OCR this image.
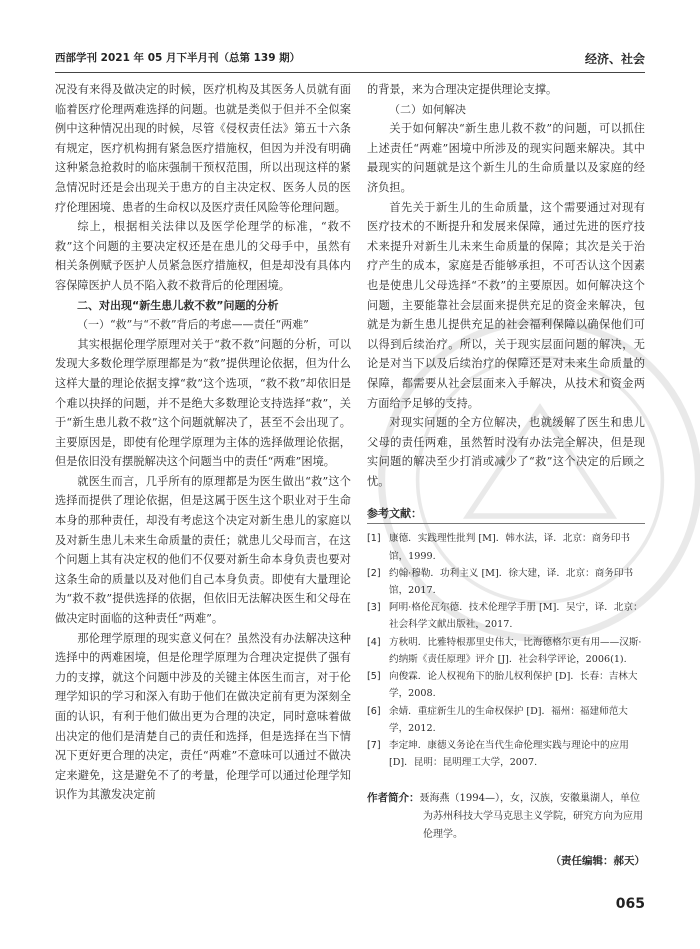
西部学刊 2021 年 05 月下半月刊（总第 139 期）	经济、社会

况没有来得及做决定的时候，医疗机构及其医务人员就有面临着医疗伦理两难选择的问题。也就是类似于但并不全似案例中这种情况出现的时候，尽管《侵权责任法》第五十六条有规定，医疗机构拥有紧急医疗措施权，但因为并没有明确这种紧急抢救时的临床强制干预权范围，所以出现这样的紧急情况时还是会出现关于患方的自主决定权、医务人员的医疗伦理困境、患者的生命权以及医疗责任风险等伦理问题。

综上，根据相关法律以及医学伦理学的标准，“救不救”这个问题的主要决定权还是在患儿的父母手中，虽然有相关条例赋予医护人员紧急医疗措施权，但是却没有具体内容保障医护人员不陷入救不救背后的伦理困境。

二、对出现“新生患儿救不救”问题的分析
（一）“救”与“不救”背后的考虑——责任“两难”

其实根据伦理学原理对关于“救不救”问题的分析，可以发现大多数伦理学原理都是为“救”提供理论依据，但为什么这样大量的理论依据支撑“救”这个选项，“救不救”却依旧是个难以抉择的问题，并不是绝大多数理论支持选择“救”，关于“新生患儿救不救”这个问题就解决了，甚至不会出现了。主要原因是，即使有伦理学原理为主体的选择做理论依据，但是依旧没有摆脱解决这个问题当中的责任“两难”困境。

就医生而言，几乎所有的原理都是为医生做出“救”这个选择而提供了理论依据，但是这属于医生这个职业对于生命本身的那种责任，却没有考虑这个决定对新生患儿的家庭以及对新生患儿未来生命质量的责任；就患儿父母而言，在这个问题上其有决定权的他们不仅要对新生命本身负责也要对这条生命的质量以及对他们自己本身负责。即使有大量理论为“救不救”提供选择的依据，但依旧无法解决医生和父母在做决定时面临的这种责任“两难”。

那伦理学原理的现实意义何在？虽然没有办法解决这种选择中的两难困境，但是伦理学原理为合理决定提供了强有力的支撑，就这个问题中涉及的关键主体医生而言，对于伦理学知识的学习和深入有助于他们在做决定前有更为深刻全面的认识，有利于他们做出更为合理的决定，同时意味着做出决定的他们是清楚自己的责任和选择，但是选择在当下情况下更好更合理的决定，责任“两难”不意味可以通过不做决定来避免，这是避免不了的考量，伦理学可以通过伦理学知识作为其激发决定前

的背景，来为合理决定提供理论支撑。

（二）如何解决

关于如何解决“新生患儿救不救”的问题，可以抓住上述责任“两难”困境中所涉及的现实问题来解决。其中最现实的问题就是这个新生儿的生命质量以及家庭的经济负担。

首先关于新生儿的生命质量，这个需要通过对现有医疗技术的不断提升和发展来保障，通过先进的医疗技术来提升对新生儿未来生命质量的保障；其次是关于治疗产生的成本，家庭是否能够承担，不可否认这个因素也是使患儿父母选择“不救”的主要原因。如何解决这个问题，主要能靠社会层面来提供充足的资金来解决，包就是为新生患儿提供充足的社会福利保障以确保他们可以得到后续治疗。所以，关于现实层面问题的解决，无论是对当下以及后续治疗的保障还是对未来生命质量的保障，都需要从社会层面来入手解决，从技术和资金两方面给予足够的支持。

对现实问题的全方位解决，也就缓解了医生和患儿父母的责任两难，虽然暂时没有办法完全解决，但是现实问题的解决至少打消或减少了“救”这个决定的后顾之忧。

参考文献：
[1] 康德．实践理性批判 [M]．韩水法，译．北京：商务印书馆，1999.
[2] 约翰·穆勒．功利主义 [M]．徐大建，译．北京：商务印书馆，2017.
[3] 阿明·格伦瓦尔德．技术伦理学手册 [M]．吴宁，译．北京：社会科学文献出版社，2017.
[4] 方秋明．比雅特根那里史伟大，比海德格尔更有用——汉斯·约纳斯《责任原理》评介 [J]．社会科学评论，2006(1).
[5] 向俊霖．论人权视角下的胎儿权利保护 [D]．长春：吉林大学，2008.
[6] 余婧．重症新生儿的生命权保护 [D]．福州：福建师范大学，2012.
[7] 李定坤．康德义务论在当代生命伦理实践与理论中的应用 [D]．昆明：昆明理工大学，2007.
作者简介：聂海燕（1994—），女，汉族，安徽巢湖人，单位为苏州科技大学马克思主义学院，研究方向为应用伦理学。
（责任编辑：郝天）
065
